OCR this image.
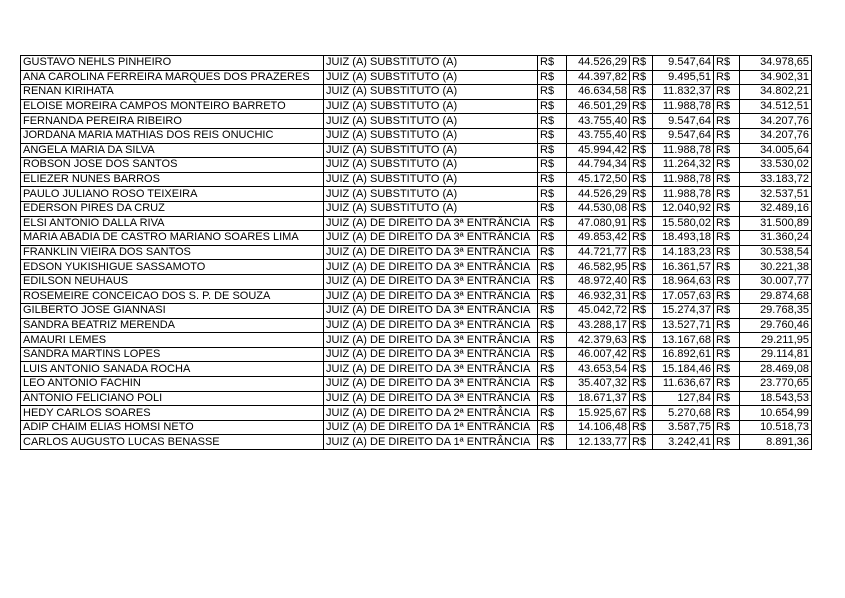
GUSTAVO NEHLS PINHEIRO	JUIZ (A) SUBSTITUTO (A)	R$	44.526,29	R$	9.547,64	R$	34.978,65
ANA CAROLINA FERREIRA MARQUES DOS PRAZERES	JUIZ (A) SUBSTITUTO (A)	R$	44.397,82	R$	9.495,51	R$	34.902,31
RENAN KIRIHATA	JUIZ (A) SUBSTITUTO (A)	R$	46.634,58	R$	11.832,37	R$	34.802,21
ELOISE MOREIRA CAMPOS MONTEIRO BARRETO	JUIZ (A) SUBSTITUTO (A)	R$	46.501,29	R$	11.988,78	R$	34.512,51
FERNANDA PEREIRA RIBEIRO	JUIZ (A) SUBSTITUTO (A)	R$	43.755,40	R$	9.547,64	R$	34.207,76
JORDANA MARIA MATHIAS DOS REIS ONUCHIC	JUIZ (A) SUBSTITUTO (A)	R$	43.755,40	R$	9.547,64	R$	34.207,76
ANGELA MARIA DA SILVA	JUIZ (A) SUBSTITUTO (A)	R$	45.994,42	R$	11.988,78	R$	34.005,64
ROBSON JOSE DOS SANTOS	JUIZ (A) SUBSTITUTO (A)	R$	44.794,34	R$	11.264,32	R$	33.530,02
ELIEZER NUNES BARROS	JUIZ (A) SUBSTITUTO (A)	R$	45.172,50	R$	11.988,78	R$	33.183,72
PAULO JULIANO ROSO TEIXEIRA	JUIZ (A) SUBSTITUTO (A)	R$	44.526,29	R$	11.988,78	R$	32.537,51
EDERSON PIRES DA CRUZ	JUIZ (A) SUBSTITUTO (A)	R$	44.530,08	R$	12.040,92	R$	32.489,16
ELSI ANTONIO DALLA RIVA	JUIZ (A) DE DIREITO DA 3ª ENTRÂNCIA	R$	47.080,91	R$	15.580,02	R$	31.500,89
MARIA ABADIA DE CASTRO MARIANO SOARES LIMA	JUIZ (A) DE DIREITO DA 3ª ENTRÂNCIA	R$	49.853,42	R$	18.493,18	R$	31.360,24
FRANKLIN VIEIRA DOS SANTOS	JUIZ (A) DE DIREITO DA 3ª ENTRÂNCIA	R$	44.721,77	R$	14.183,23	R$	30.538,54
EDSON YUKISHIGUE SASSAMOTO	JUIZ (A) DE DIREITO DA 3ª ENTRÂNCIA	R$	46.582,95	R$	16.361,57	R$	30.221,38
EDILSON NEUHAUS	JUIZ (A) DE DIREITO DA 3ª ENTRÂNCIA	R$	48.972,40	R$	18.964,63	R$	30.007,77
ROSEMEIRE CONCEICAO DOS S. P. DE SOUZA	JUIZ (A) DE DIREITO DA 3ª ENTRÂNCIA	R$	46.932,31	R$	17.057,63	R$	29.874,68
GILBERTO JOSE GIANNASI	JUIZ (A) DE DIREITO DA 3ª ENTRÂNCIA	R$	45.042,72	R$	15.274,37	R$	29.768,35
SANDRA BEATRIZ MERENDA	JUIZ (A) DE DIREITO DA 3ª ENTRÂNCIA	R$	43.288,17	R$	13.527,71	R$	29.760,46
AMAURI LEMES	JUIZ (A) DE DIREITO DA 3ª ENTRÂNCIA	R$	42.379,63	R$	13.167,68	R$	29.211,95
SANDRA MARTINS LOPES	JUIZ (A) DE DIREITO DA 3ª ENTRÂNCIA	R$	46.007,42	R$	16.892,61	R$	29.114,81
LUIS ANTONIO SANADA ROCHA	JUIZ (A) DE DIREITO DA 3ª ENTRÂNCIA	R$	43.653,54	R$	15.184,46	R$	28.469,08
LEO ANTONIO FACHIN	JUIZ (A) DE DIREITO DA 3ª ENTRÂNCIA	R$	35.407,32	R$	11.636,67	R$	23.770,65
ANTONIO FELICIANO POLI	JUIZ (A) DE DIREITO DA 3ª ENTRÂNCIA	R$	18.671,37	R$	127,84	R$	18.543,53
HEDY CARLOS SOARES	JUIZ (A) DE DIREITO DA 2ª ENTRÂNCIA	R$	15.925,67	R$	5.270,68	R$	10.654,99
ADIP CHAIM ELIAS HOMSI NETO	JUIZ (A) DE DIREITO DA 1ª ENTRÂNCIA	R$	14.106,48	R$	3.587,75	R$	10.518,73
CARLOS AUGUSTO LUCAS BENASSE	JUIZ (A) DE DIREITO DA 1ª ENTRÂNCIA	R$	12.133,77	R$	3.242,41	R$	8.891,36
